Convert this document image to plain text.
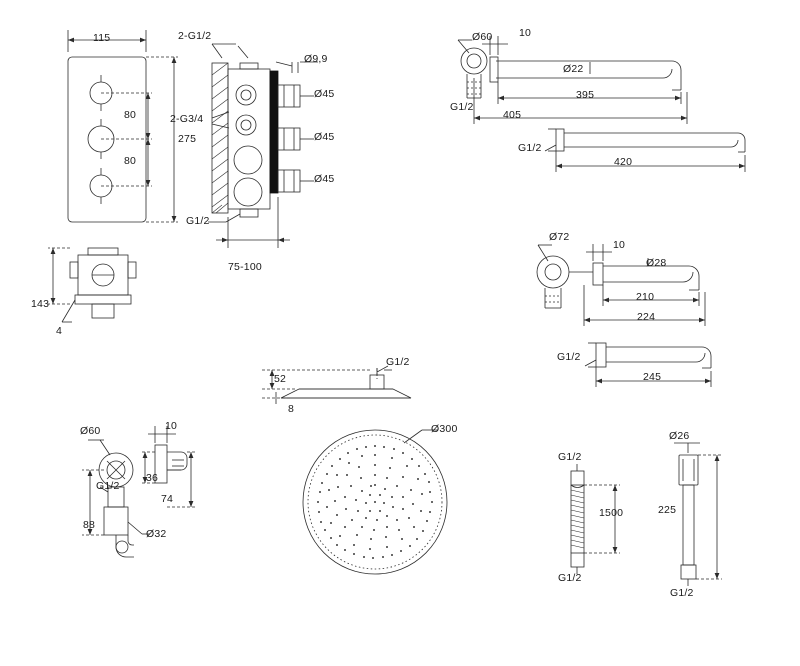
115
80
80
275
2-G1/2
2-G3/4
G1/2
Ø9,9
Ø45
Ø45
Ø45
75-100
143
4
Ø60	10
Ø22
395
405
G1/2
G1/2
420
Ø72
10
Ø28
210
224
G1/2
245
G1/2
52
8
Ø300
Ø60	10
G1/2
36
74
88
Ø32
G1/2
1500
G1/2
Ø26
225
G1/2
